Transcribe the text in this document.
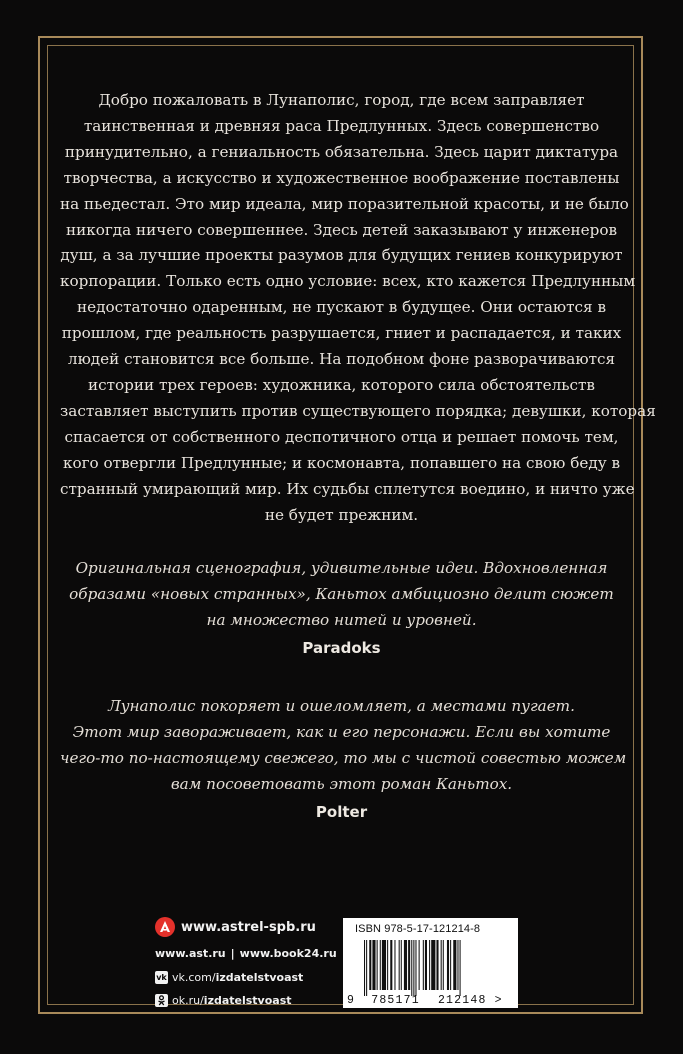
Добро пожаловать в Лунаполис, город, где всем заправляет
таинственная и древняя раса Предлунных. Здесь совершенство
принудительно, а гениальность обязательна. Здесь царит диктатура
творчества, а искусство и художественное воображение поставлены
на пьедестал. Это мир идеала, мир поразительной красоты, и не было
никогда ничего совершеннее. Здесь детей заказывают у инженеров
душ, а за лучшие проекты разумов для будущих гениев конкурируют
корпорации. Только есть одно условие: всех, кто кажется Предлунным
недостаточно одаренным, не пускают в будущее. Они остаются в
прошлом, где реальность разрушается, гниет и распадается, и таких
людей становится все больше. На подобном фоне разворачиваются
истории трех героев: художника, которого сила обстоятельств
заставляет выступить против существующего порядка; девушки, которая
спасается от собственного деспотичного отца и решает помочь тем,
кого отвергли Предлунные; и космонавта, попавшего на свою беду в
странный умирающий мир. Их судьбы сплетутся воедино, и ничто уже
не будет прежним.

Оригинальная сценография, удивительные идеи. Вдохновленная
образами «новых странных», Каньтох амбициозно делит сюжет
на множество нитей и уровней.

Paradoks

Лунаполис покоряет и ошеломляет, а местами пугает.
Этот мир завораживает, как и его персонажи. Если вы хотите
чего-то по-настоящему свежего, то мы с чистой совестью можем
вам посоветовать этот роман Каньтох.

Polter

www.astrel-spb.ru
www.ast.ru | www.book24.ru
vk vk.com/ izdatelstvoast
ok.ru/ izdatelstvoast
ISBN 978-5-17-121214-8
9 785171 212148 >
